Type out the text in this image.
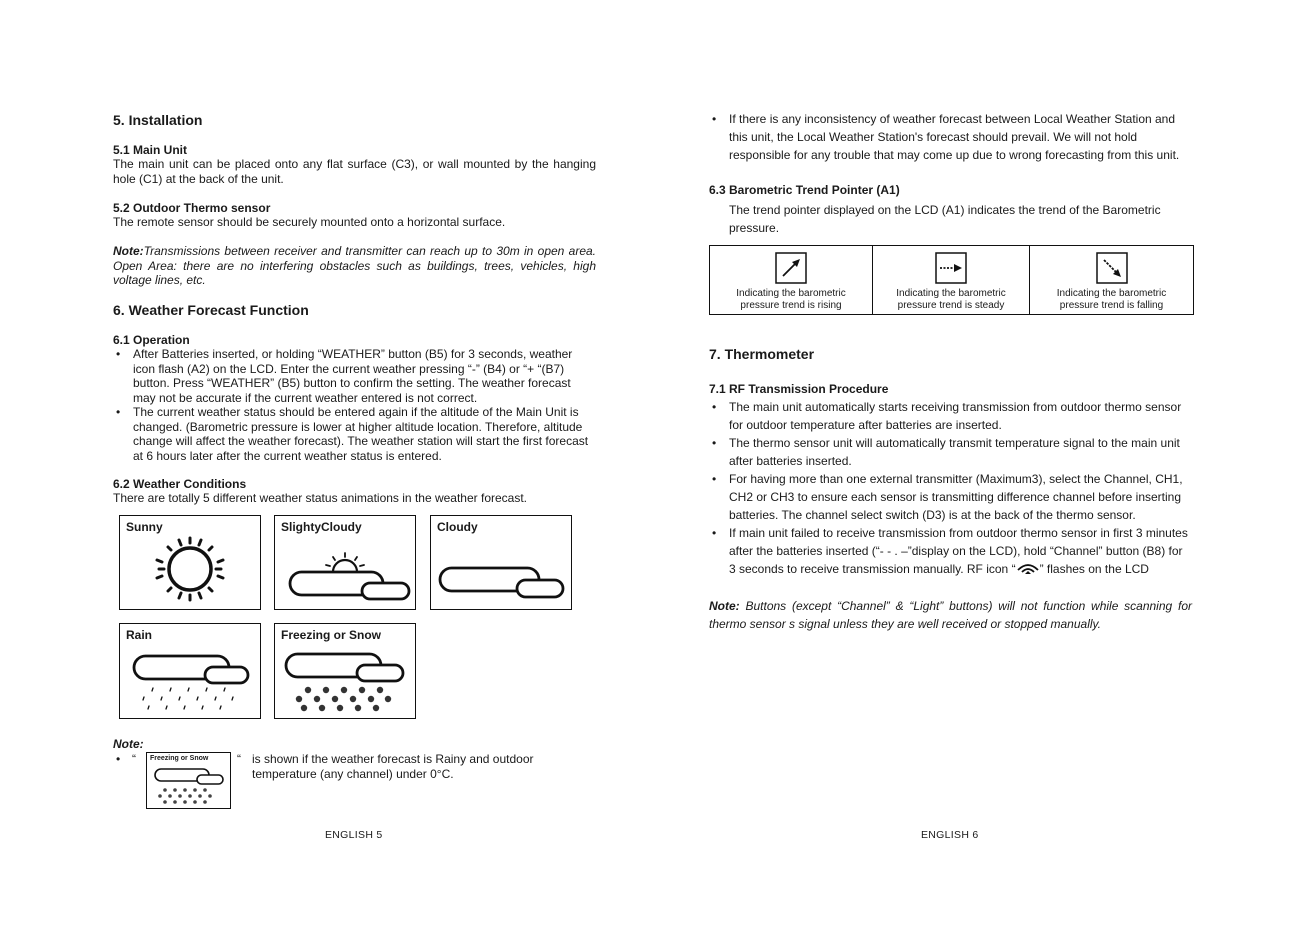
5. Installation
5.1 Main Unit

The main unit can be placed onto any flat surface (C3), or wall mounted by the hanging hole (C1) at the back of the unit.

5.2 Outdoor Thermo sensor

The remote sensor should be securely mounted onto a horizontal surface.

Note:Transmissions between receiver and transmitter can reach up to 30m in open area. Open Area: there are no interfering obstacles such as buildings, trees, vehicles, high voltage lines, etc.

6. Weather Forecast Function
6.1 Operation
• After Batteries inserted, or holding “WEATHER” button (B5) for 3 seconds, weather icon flash (A2) on the LCD. Enter the current weather pressing “-” (B4) or “+ “(B7) button. Press “WEATHER” (B5) button to confirm the setting. The weather forecast may not be accurate if the current weather entered is not correct.
• The current weather status should be entered again if the altitude of the Main Unit is changed. (Barometric pressure is lower at higher altitude location. Therefore, altitude change will affect the weather forecast). The weather station will start the first forecast at 6 hours later after the current weather status is entered.
6.2 Weather Conditions

There are totally 5 different weather status animations in the weather forecast.

Sunny	SlightyCloudy	Cloudy
Rain	Freezing or Snow

Note:

• “ Freezing or Snow “ is shown if the weather forecast is Rainy and outdoor temperature (any channel) under 0°C.

ENGLISH 5
• If there is any inconsistency of weather forecast between Local Weather Station and this unit, the Local Weather Station's forecast should prevail. We will not hold responsible for any trouble that may come up due to wrong forecasting from this unit.
6.3 Barometric Trend Pointer (A1)

The trend pointer displayed on the LCD (A1) indicates the trend of the Barometric pressure.

Indicating the barometric
pressure trend is rising	
Indicating the barometric
pressure trend is steady	
Indicating the barometric
pressure trend is falling
7. Thermometer
7.1 RF Transmission Procedure
• The main unit automatically starts receiving transmission from outdoor thermo sensor for outdoor temperature after batteries are inserted.
• The thermo sensor unit will automatically transmit temperature signal to the main unit after batteries inserted.
• For having more than one external transmitter (Maximum3), select the Channel, CH1, CH2 or CH3 to ensure each sensor is transmitting difference channel before inserting batteries. The channel select switch (D3) is at the back of the thermo sensor.
• If main unit failed to receive transmission from outdoor thermo sensor in first 3 minutes after the batteries inserted (“- - . –”display on the LCD), hold “Channel” button (B8) for 3 seconds to receive transmission manually. RF icon “ ” flashes on the LCD

Note: Buttons (except “Channel” & “Light” buttons) will not function while scanning for thermo sensor s signal unless they are well received or stopped manually.

ENGLISH 6
